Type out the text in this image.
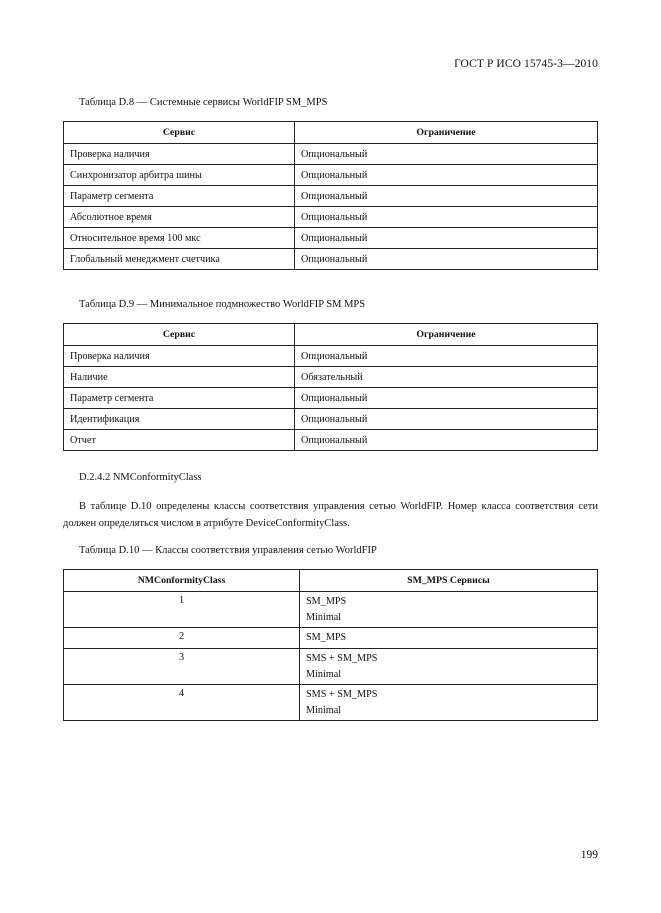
ГОСТ Р ИСО 15745-3—2010
Таблица D.8 — Системные сервисы WorldFIP SM_MPS
Сервис	Ограничение
Проверка наличия	Опциональный
Синхронизатор арбитра шины	Опциональный
Параметр сегмента	Опциональный
Абсолютное время	Опциональный
Относительное время 100 мкс	Опциональный
Глобальный менеджмент счетчика	Опциональный
Таблица D.9 — Минимальное подмножество WorldFIP SM MPS
Сервис	Ограничение
Проверка наличия	Опциональный
Наличие	Обязательный
Параметр сегмента	Опциональный
Идентификация	Опциональный
Отчет	Опциональный
D.2.4.2 NMConformityClass
В таблице D.10 определены классы соответствия управления сетью WorldFIP. Номер класса соответствия сети должен определяться числом в атрибуте DeviceConformityClass.
Таблица D.10 — Классы соответствия управления сетью WorldFIP
NMConformityClass	SM_MPS Сервисы
1	SM_MPS
Minimal

2	SM_MPS

3	SMS + SM_MPS
Minimal

4	SMS + SM_MPS
Minimal
199
